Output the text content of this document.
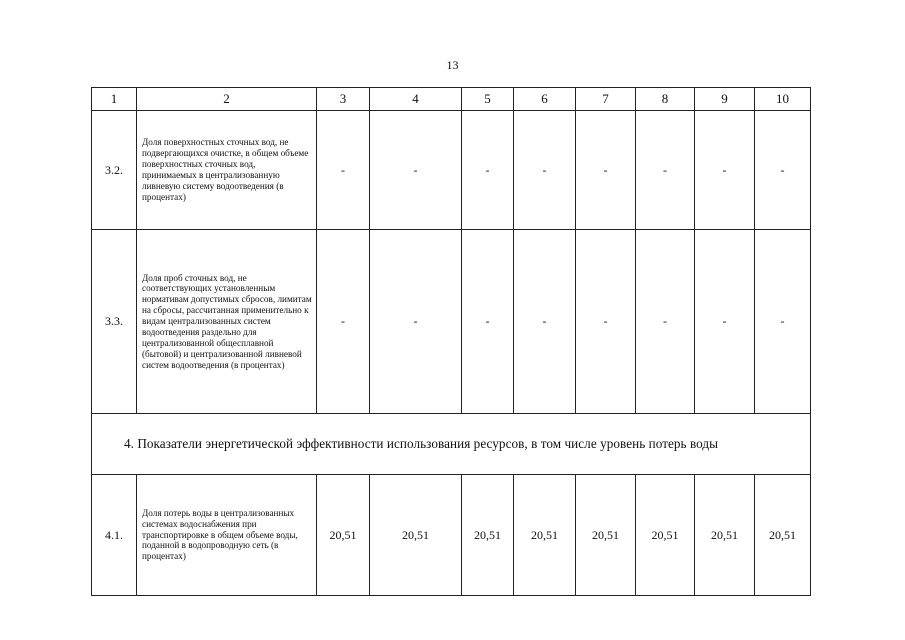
13
1	2	3	4	5	6	7	8	9	10
3.2.	Доля поверхностных сточных вод, не подвергающихся очистке, в общем объеме поверхностных сточных вод, принимаемых в централизованную ливневую систему водоотведения (в процентах)	-	-	-	-	-	-	-	-
3.3.	Доля проб сточных вод, не соответствующих установленным нормативам допустимых сбросов, лимитам на сбросы, рассчитанная применительно к видам централизованных систем водоотведения раздельно для централизованной общесплавной (бытовой) и централизованной ливневой систем водоотведения (в процентах)	-	-	-	-	-	-	-	-
4. Показатели энергетической эффективности использования ресурсов, в том числе уровень потерь воды									
4.1.	Доля потерь воды в централизованных системах водоснабжения при транспортировке в общем объеме воды, поданной в водопроводную сеть (в процентах)	20,51	20,51	20,51	20,51	20,51	20,51	20,51	20,51
